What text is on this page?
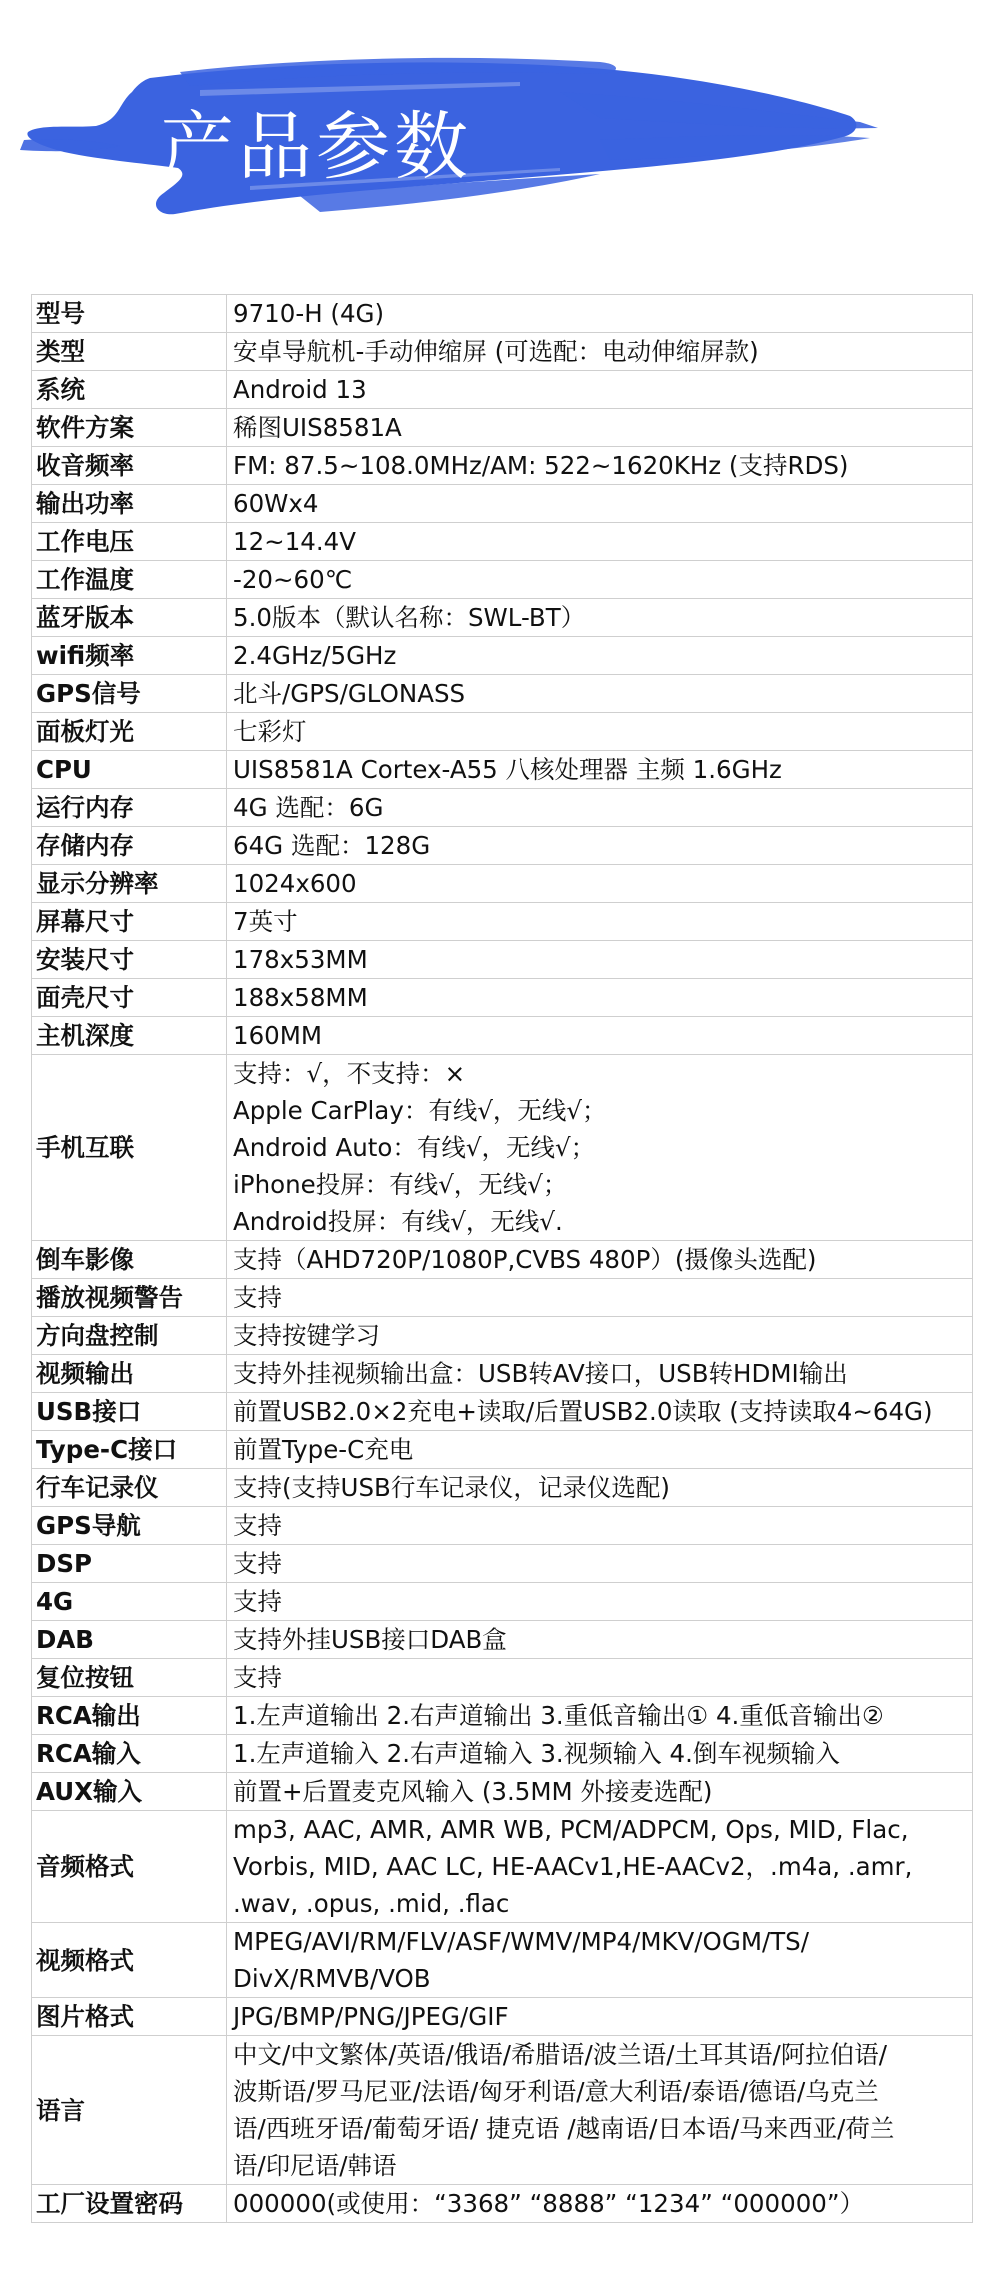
产品参数
型号	9710-H (4G)
类型	安卓导航机-手动伸缩屏 (可选配：电动伸缩屏款)
系统	Android 13
软件方案	稀图UIS8581A
收音频率	FM: 87.5~108.0MHz/AM: 522~1620KHz (支持RDS)
输出功率	60Wx4
工作电压	12~14.4V
工作温度	-20~60℃
蓝牙版本	5.0版本（默认名称：SWL-BT）
wifi频率	2.4GHz/5GHz
GPS信号	北斗/GPS/GLONASS
面板灯光	七彩灯
CPU	UIS8581A Cortex-A55 八核处理器 主频 1.6GHz
运行内存	4G 选配：6G
存储内存	64G 选配：128G
显示分辨率	1024x600
屏幕尺寸	7英寸
安装尺寸	178x53MM
面壳尺寸	188x58MM
主机深度	160MM
手机互联	支持：√，不支持：×
Apple CarPlay：有线√，无线√；
Android Auto：有线√，无线√；
iPhone投屏：有线√，无线√；
Android投屏：有线√，无线√.
倒车影像	支持（AHD720P/1080P,CVBS 480P）(摄像头选配)
播放视频警告	支持
方向盘控制	支持按键学习
视频输出	支持外挂视频输出盒：USB转AV接口，USB转HDMI输出
USB接口	前置USB2.0×2充电+读取/后置USB2.0读取 (支持读取4~64G)
Type-C接口	前置Type-C充电
行车记录仪	支持(支持USB行车记录仪，记录仪选配)
GPS导航	支持
DSP	支持
4G	支持
DAB	支持外挂USB接口DAB盒
复位按钮	支持
RCA输出	1.左声道输出 2.右声道输出 3.重低音输出① 4.重低音输出②
RCA输入	1.左声道输入 2.右声道输入 3.视频输入 4.倒车视频输入
AUX输入	前置+后置麦克风输入 (3.5MM 外接麦选配)
音频格式	mp3, AAC, AMR, AMR WB, PCM/ADPCM, Ops, MID, Flac,
Vorbis, MID, AAC LC, HE-AACv1,HE-AACv2，.m4a, .amr,
.wav, .opus, .mid, .flac
视频格式	MPEG/AVI/RM/FLV/ASF/WMV/MP4/MKV/OGM/TS/
DivX/RMVB/VOB
图片格式	JPG/BMP/PNG/JPEG/GIF
语言	中文/中文繁体/英语/俄语/希腊语/波兰语/土耳其语/阿拉伯语/
波斯语/罗马尼亚/法语/匈牙利语/意大利语/泰语/德语/乌克兰
语/西班牙语/葡萄牙语/ 捷克语 /越南语/日本语/马来西亚/荷兰
语/印尼语/韩语
工厂设置密码	000000(或使用：“3368” “8888” “1234” “000000”）
